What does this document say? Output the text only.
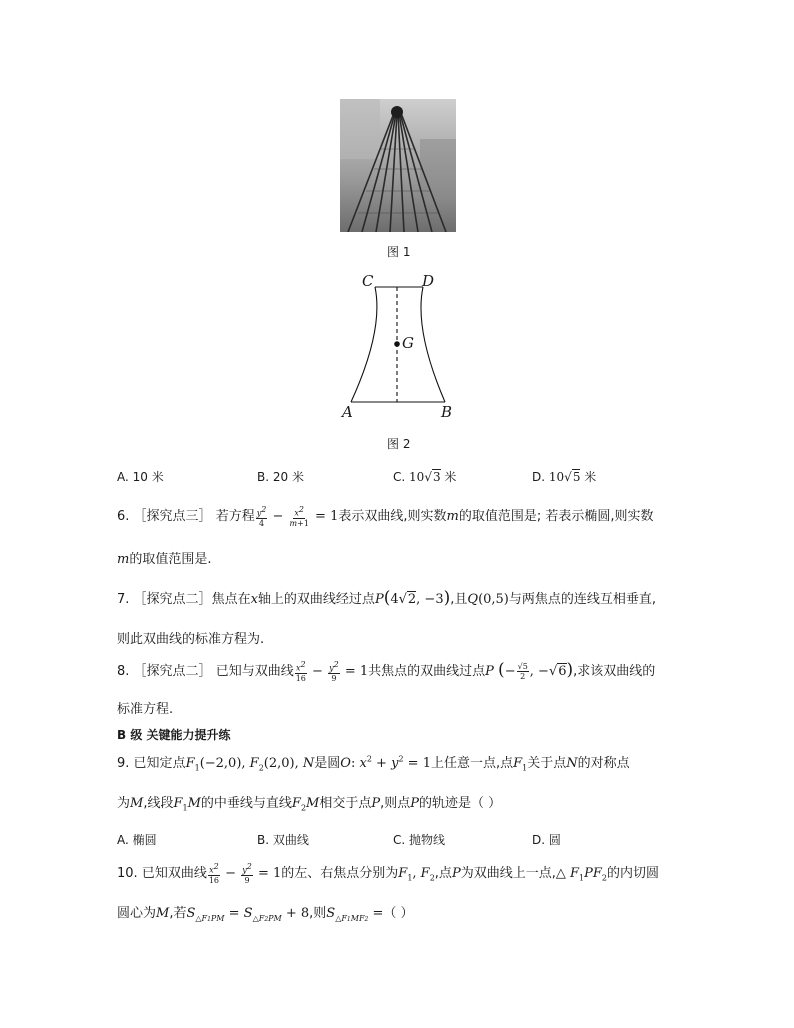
图 1
C	D
G
A	B
图 2
A. 10 米	B. 20 米	C. 10√3 米	D. 10√5 米
6. ［探究点三］ 若方程 $\frac{y^2}{4} - \frac{x^2}{m+1} = 1$表示双曲线,则实数m的取值范围是; 若表示椭圆,则实数
m的取值范围是.
7. ［探究点二］焦点在x轴上的双曲线经过点P(4√2, −3),且Q(0,5)与两焦点的连线互相垂直,
则此双曲线的标准方程为.
8. ［探究点二］ 已知与双曲线 $\frac{x^2}{16} - \frac{y^2}{9} = 1$共焦点的双曲线过点P (− $\frac{√5}{2}$ , −√6),求该双曲线的
标准方程.
B 级 关键能力提升练
9. 已知定点$F_1(-2,0)$, $F_2(2,0)$, N是圆O: $x^2 + y^2 = 1$上任意一点,点$F_1$关于点N的对称点
为M,线段$F_1M$的中垂线与直线$F_2M$相交于点P,则点P的轨迹是（ ）
A. 椭圆	B. 双曲线	C. 抛物线	D. 圆
10. 已知双曲线 $\frac{x^2}{16} - \frac{y^2}{9} = 1$的左、右焦点分别为$F_1$, $F_2$,点P为双曲线上一点,△ $F_1PF_2$的内切圆
圆心为M,若$S_{\triangle F1PM} = S_{\triangle F2PM} + 8$,则$S_{\triangle F1MF2}$ =（ ）
